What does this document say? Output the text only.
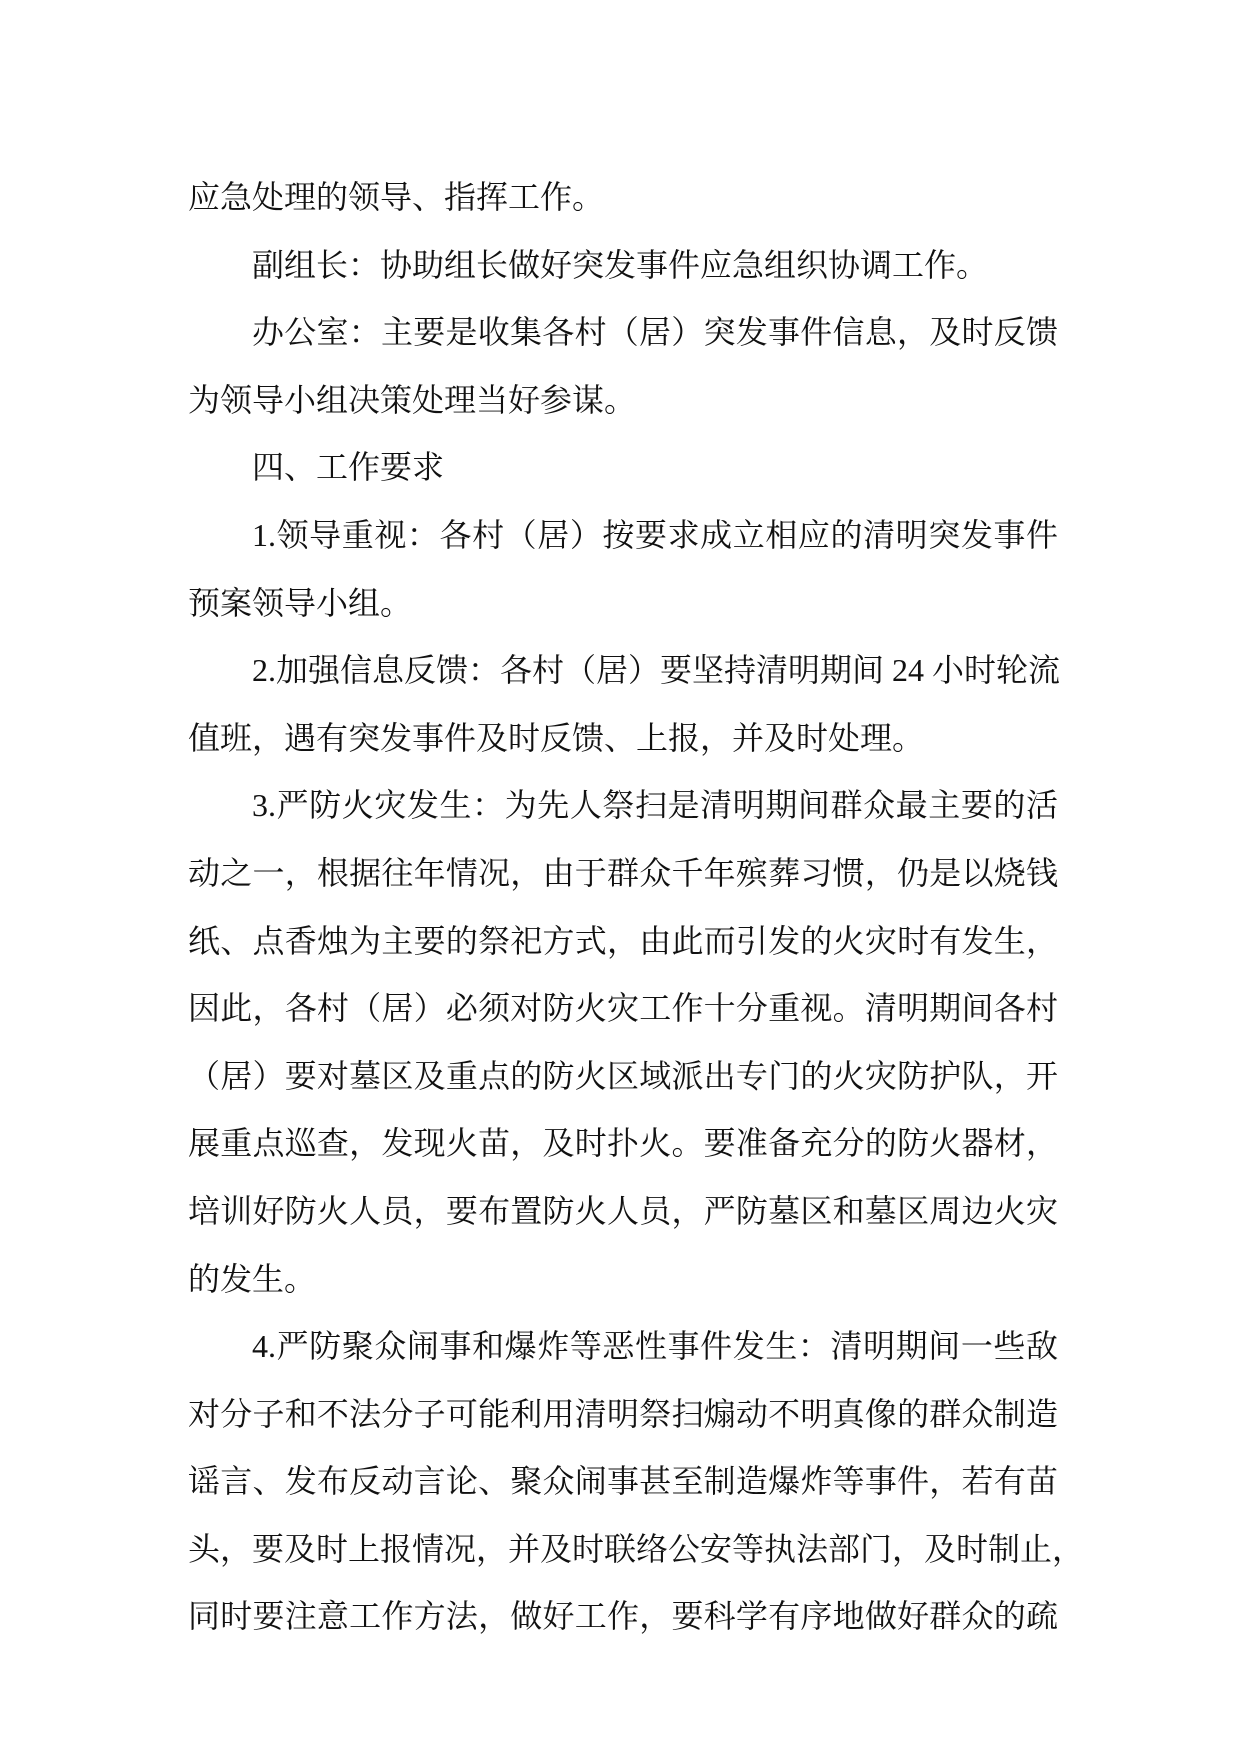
应急处理的领导、指挥工作。
副组长：协助组长做好突发事件应急组织协调工作。
办公室：主要是收集各村（居）突发事件信息，及时反馈
为领导小组决策处理当好参谋。
四、工作要求
1.领导重视：各村（居）按要求成立相应的清明突发事件
预案领导小组。
2.加强信息反馈：各村（居）要坚持清明期间 24 小时轮流
值班，遇有突发事件及时反馈、上报，并及时处理。
3.严防火灾发生：为先人祭扫是清明期间群众最主要的活
动之一，根据往年情况，由于群众千年殡葬习惯，仍是以烧钱
纸、点香烛为主要的祭祀方式，由此而引发的火灾时有发生，
因此，各村（居）必须对防火灾工作十分重视。清明期间各村
（居）要对墓区及重点的防火区域派出专门的火灾防护队，开
展重点巡查，发现火苗，及时扑火。要准备充分的防火器材，
培训好防火人员，要布置防火人员，严防墓区和墓区周边火灾
的发生。
4.严防聚众闹事和爆炸等恶性事件发生：清明期间一些敌
对分子和不法分子可能利用清明祭扫煽动不明真像的群众制造
谣言、发布反动言论、聚众闹事甚至制造爆炸等事件，若有苗
头，要及时上报情况，并及时联络公安等执法部门，及时制止，
同时要注意工作方法，做好工作，要科学有序地做好群众的疏
